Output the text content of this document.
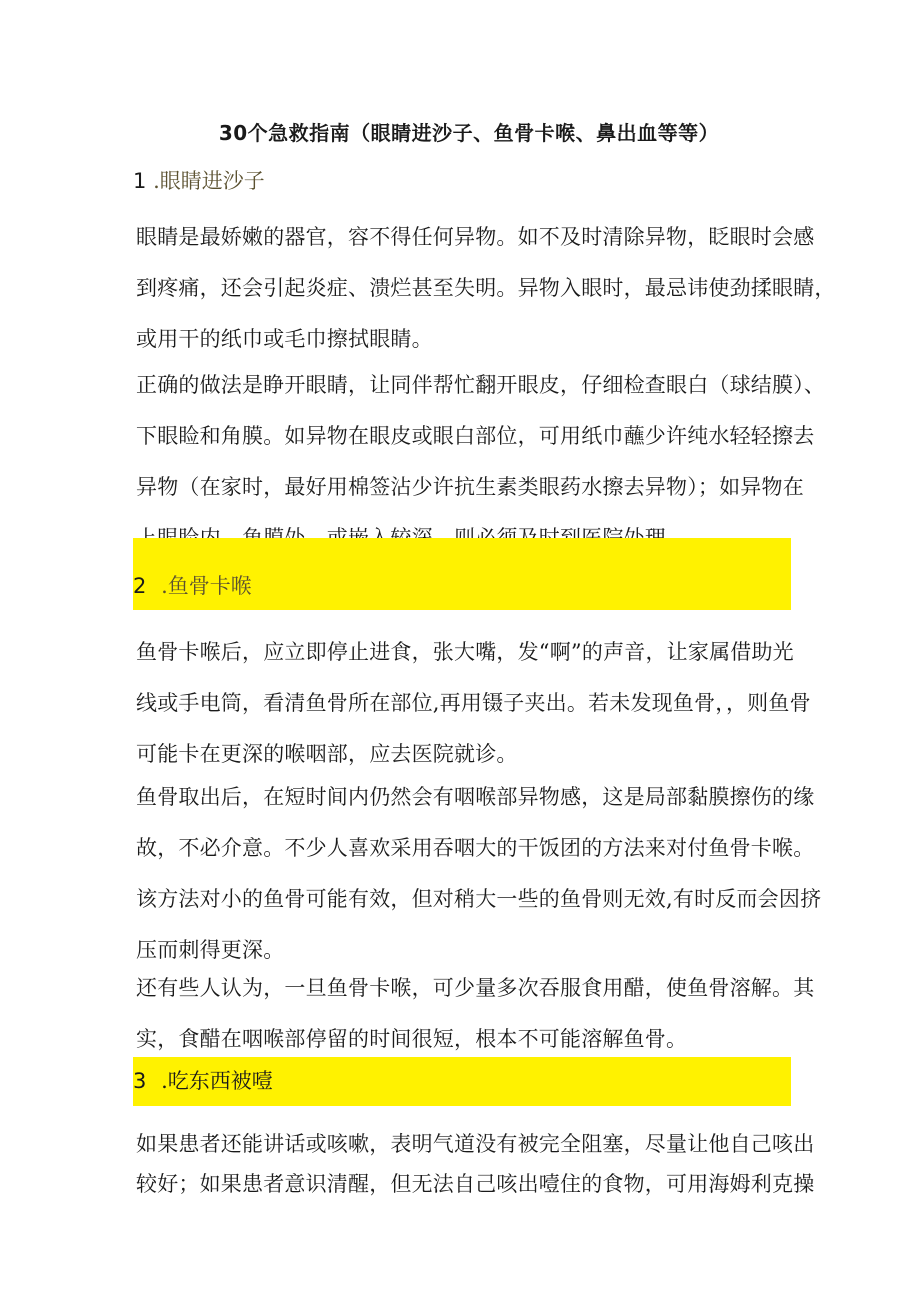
30个急救指南（眼睛进沙子、鱼骨卡喉、鼻出血等等）
1 .眼睛进沙子
眼睛是最娇嫩的器官，容不得任何异物。如不及时清除异物，眨眼时会感
到疼痛，还会引起炎症、溃烂甚至失明。异物入眼时，最忌讳使劲揉眼睛，
或用干的纸巾或毛巾擦拭眼睛。
正确的做法是睁开眼睛，让同伴帮忙翻开眼皮，仔细检查眼白（球结膜）、
下眼睑和角膜。如异物在眼皮或眼白部位，可用纸巾蘸少许纯水轻轻擦去
异物（在家时，最好用棉签沾少许抗生素类眼药水擦去异物）；如异物在
2 .鱼骨卡喉
鱼骨卡喉后，应立即停止进食，张大嘴，发“啊”的声音，让家属借助光
线或手电筒，看清鱼骨所在部位,再用镊子夹出。若未发现鱼骨，，则鱼骨
可能卡在更深的喉咽部，应去医院就诊。
鱼骨取出后，在短时间内仍然会有咽喉部异物感，这是局部黏膜擦伤的缘
故，不必介意。不少人喜欢采用吞咽大的干饭团的方法来对付鱼骨卡喉。
该方法对小的鱼骨可能有效，但对稍大一些的鱼骨则无效,有时反而会因挤
压而刺得更深。
还有些人认为，一旦鱼骨卡喉，可少量多次吞服食用醋，使鱼骨溶解。其
实，食醋在咽喉部停留的时间很短，根本不可能溶解鱼骨。
3 .吃东西被噎
如果患者还能讲话或咳嗽，表明气道没有被完全阻塞，尽量让他自己咳出
较好；如果患者意识清醒，但无法自己咳出噎住的食物，可用海姆利克操
